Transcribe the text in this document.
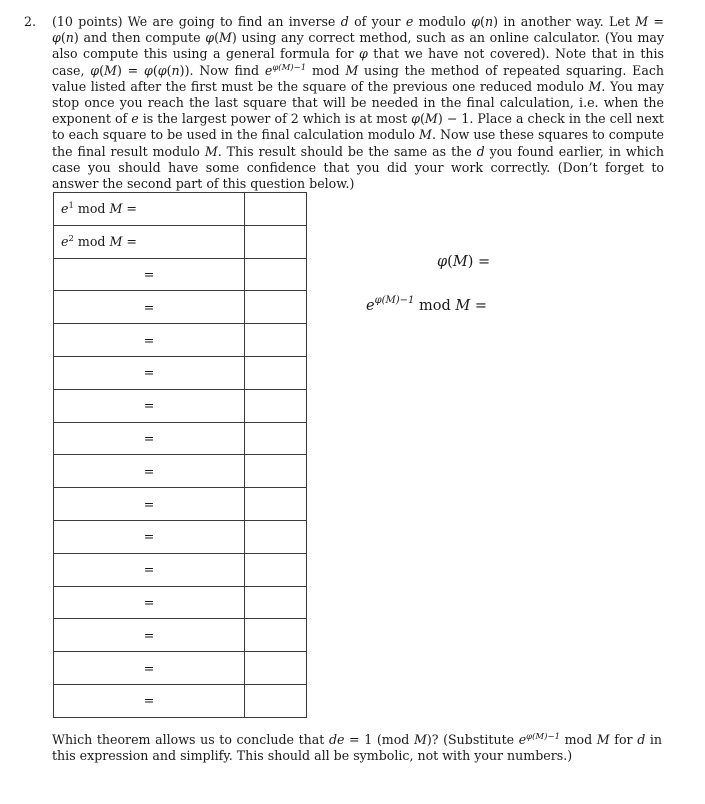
2. (10 points) We are going to find an inverse d of your e modulo φ(n) in another way. Let M = φ(n) and then compute φ(M) using any correct method, such as an online calculator. (You may also compute this using a general formula for φ that we have not covered). Note that in this case, φ(M) = φ(φ(n)). Now find $e^{\varphi(M)-1}$ mod M using the method of repeated squaring. Each value listed after the first must be the square of the previous one reduced modulo M. You may stop once you reach the last square that will be needed in the final calculation, i.e. when the exponent of e is the largest power of 2 which is at most φ(M) − 1. Place a check in the cell next to each square to be used in the final calculation modulo M. Now use these squares to compute the final result modulo M. This result should be the same as the d you found earlier, in which case you should have some confidence that you did your work correctly. (Don’t forget to answer the second part of this question below.)

$e^1$ mod M =	
$e^2$ mod M =	

=	

=	

=	

=	

=	

=	

=	

=	

=	

=	

=	

=	

=	

=	

φ(M) =
$e^{\varphi(M)-1}$ mod M =

Which theorem allows us to conclude that de = 1 (mod M)? (Substitute $e^{\varphi(M)-1}$ mod M for d in this expression and simplify. This should all be symbolic, not with your numbers.)
